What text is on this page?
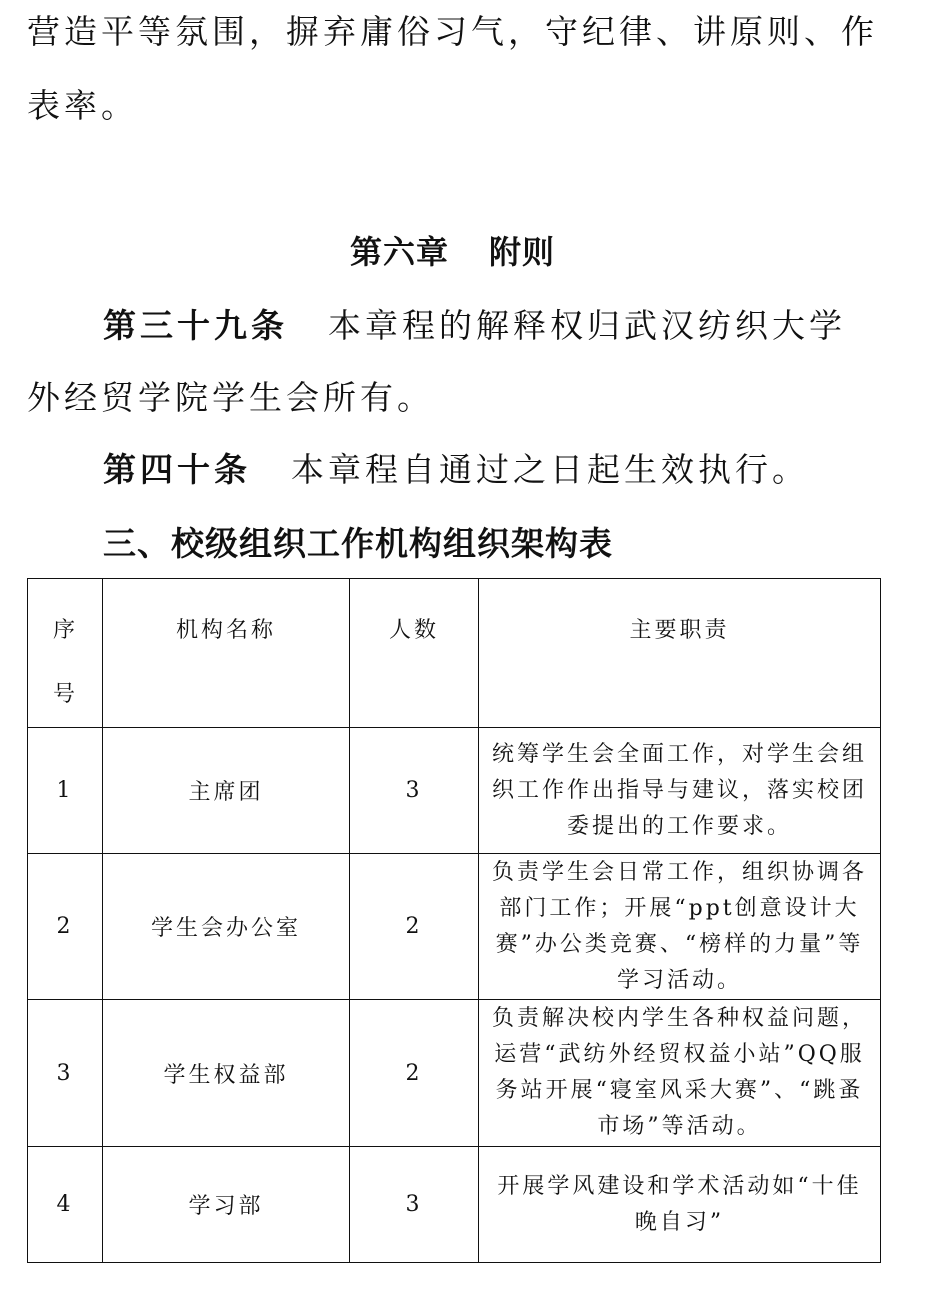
营造平等氛围，摒弃庸俗习气，守纪律、讲原则、作
表率。
第六章 附则
第三十九条 本章程的解释权归武汉纺织大学
外经贸学院学生会所有。
第四十条 本章程自通过之日起生效执行。
三、校级组织工作机构组织架构表
序号	机构名称	人数	主要职责
1	主席团	3	统筹学生会全面工作，对学生会组织工作作出指导与建议，落实校团委提出的工作要求。

2	学生会办公室	2	负责学生会日常工作，组织协调各部门工作；开展“ppt创意设计大赛”办公类竞赛、“榜样的力量”等学习活动。

3	学生权益部	2	负责解决校内学生各种权益问题，运营“武纺外经贸权益小站”QQ服务站开展“寝室风采大赛”、“跳蚤市场”等活动。

4	学习部	3	开展学风建设和学术活动如“十佳晚自习”
